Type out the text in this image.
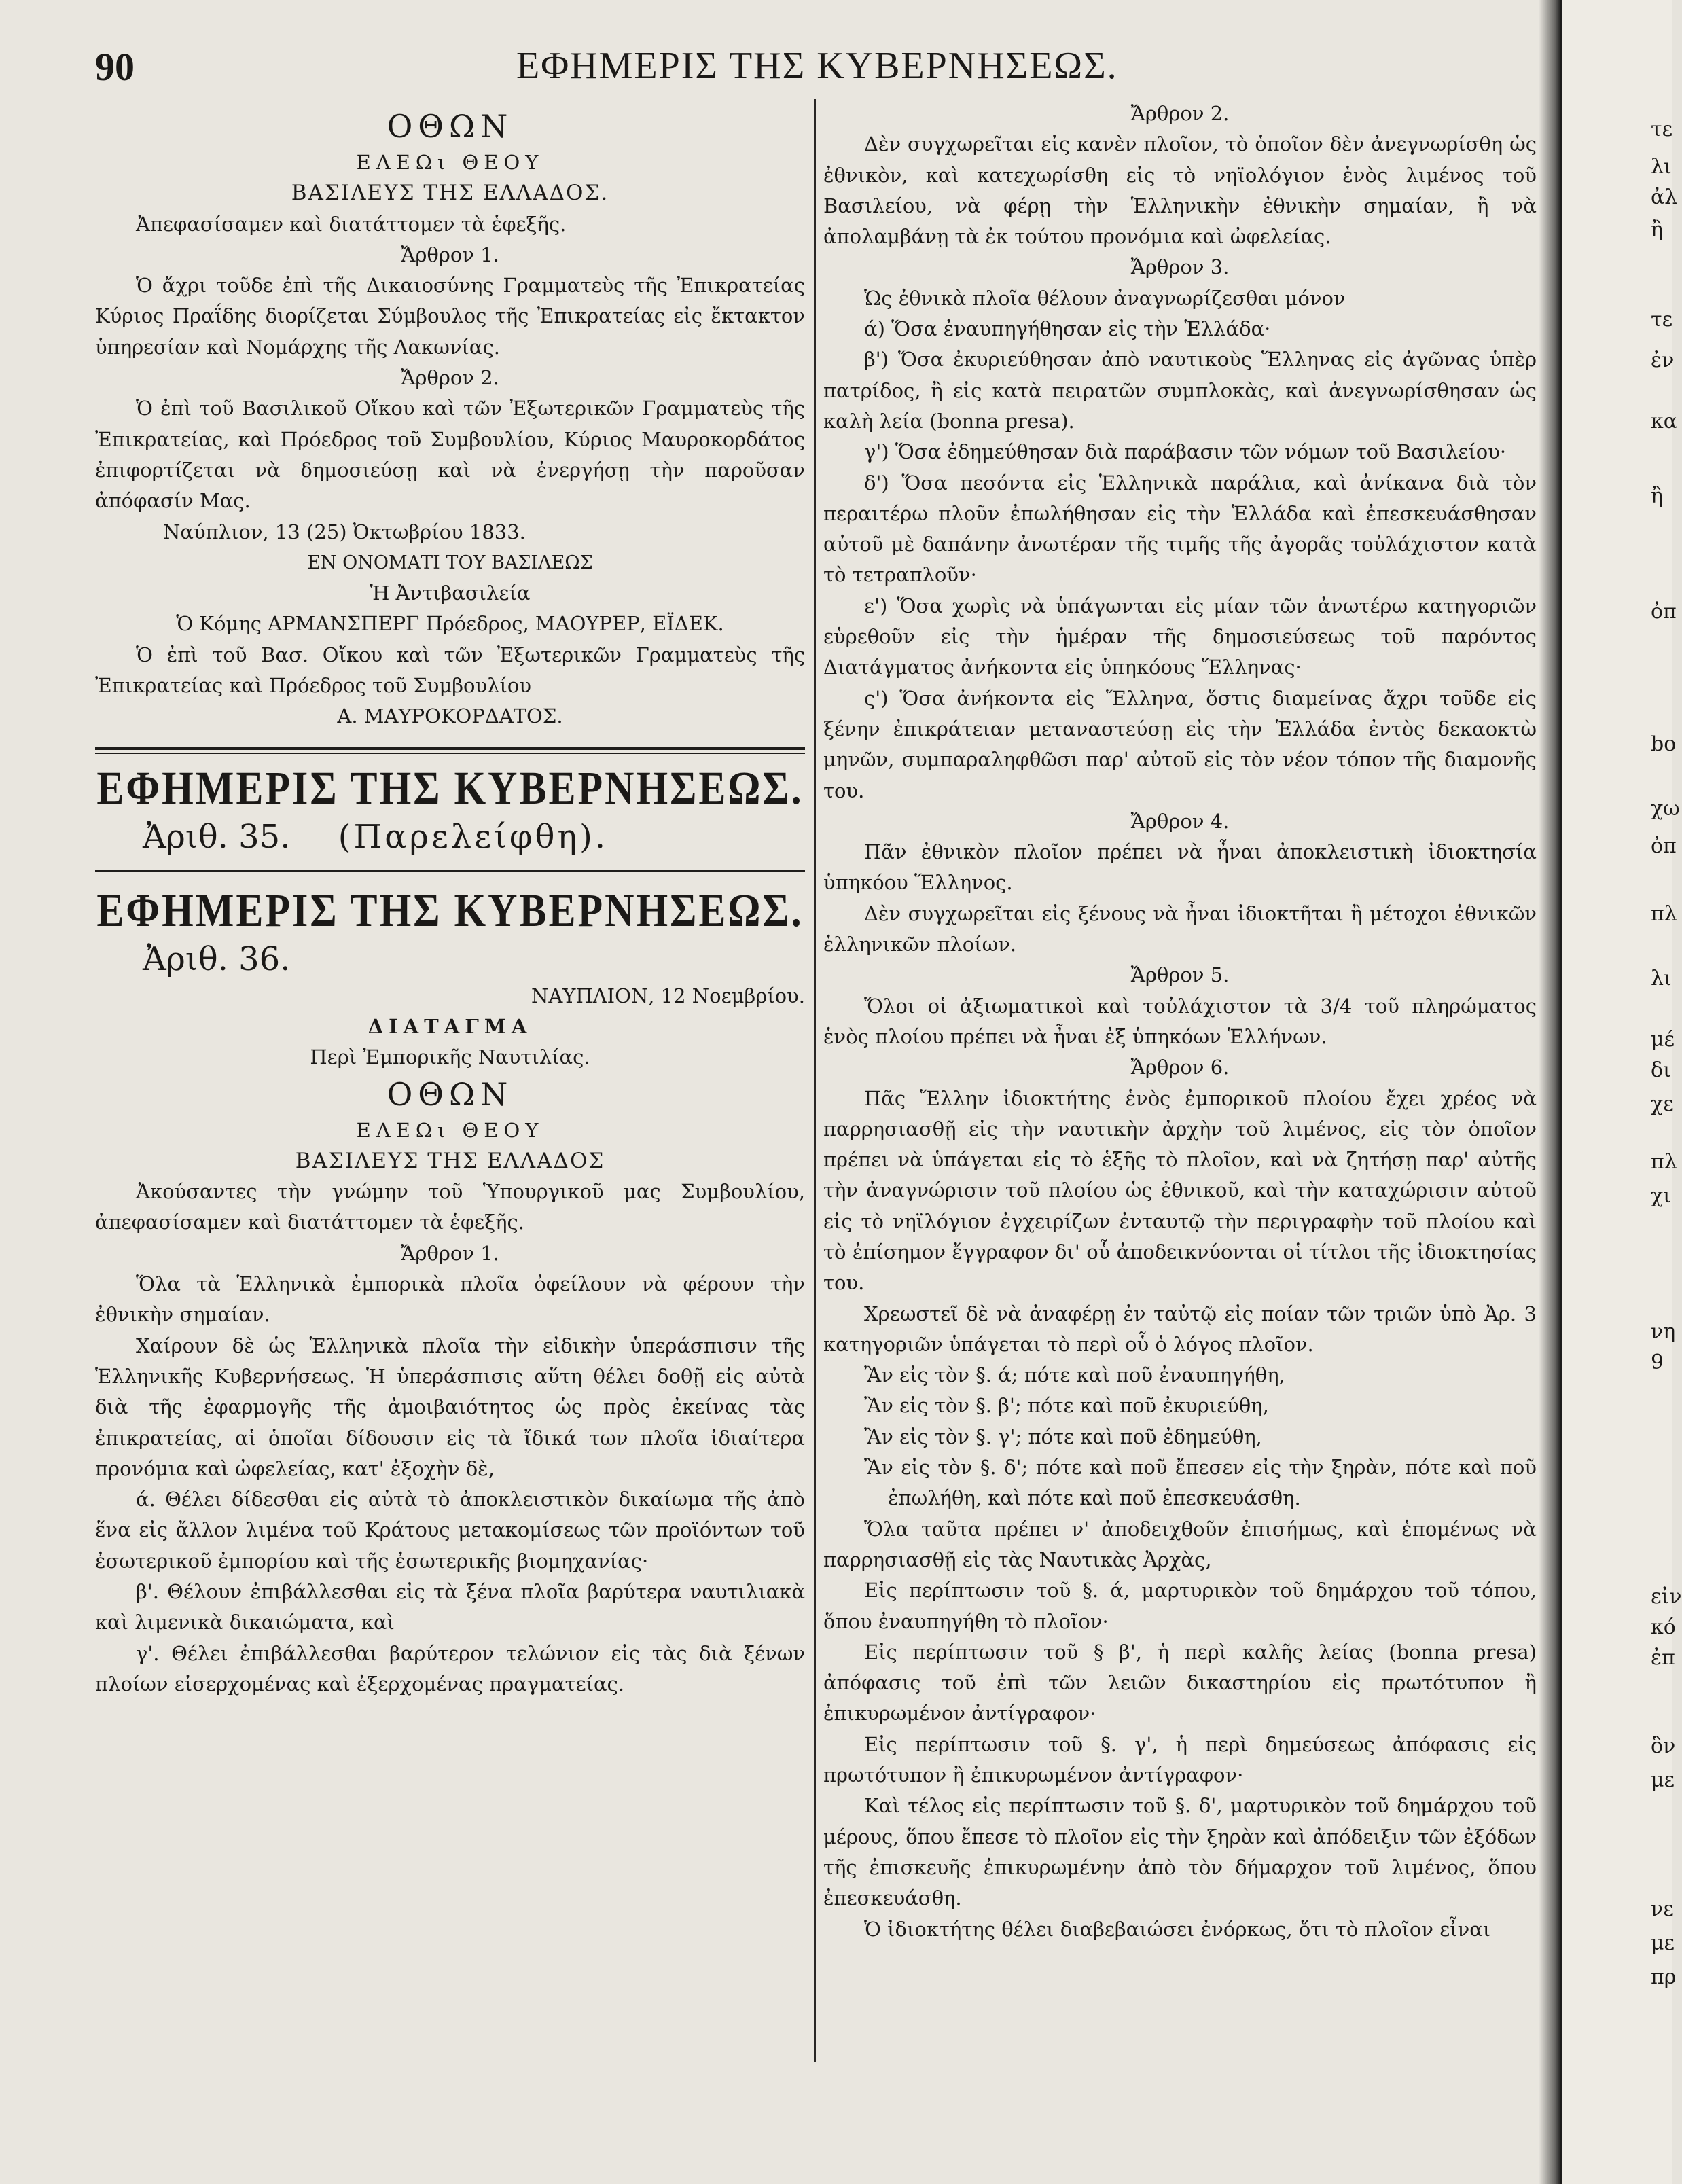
90	ΕΦΗΜΕΡΙΣ ΤΗΣ ΚΥΒΕΡΝΗΣΕΩΣ.
ΟΘΩΝ
ΕΛΕΩι ΘΕΟΥ
ΒΑΣΙΛΕΥΣ ΤΗΣ ΕΛΛΑΔΟΣ.

Ἀπεφασίσαμεν καὶ διατάττομεν τὰ ἑφεξῆς.

Ἄρθρον 1.

Ὁ ἄχρι τοῦδε ἐπὶ τῆς Δικαιοσύνης Γραμματεὺς τῆς Ἐπικρατείας Κύριος Πραΐδης διορίζεται Σύμβουλος τῆς Ἐπικρατείας εἰς ἔκτακτον ὑπηρεσίαν καὶ Νομάρχης τῆς Λακωνίας.

Ἄρθρον 2.

Ὁ ἐπὶ τοῦ Βασιλικοῦ Οἴκου καὶ τῶν Ἐξωτερικῶν Γραμματεὺς τῆς Ἐπικρατείας, καὶ Πρόεδρος τοῦ Συμβουλίου, Κύριος Μαυροκορδάτος ἐπιφορτίζεται νὰ δημοσιεύσῃ καὶ νὰ ἐνεργήσῃ τὴν παροῦσαν ἀπόφασίν Μας.

Ναύπλιον, 13 (25) Ὀκτωβρίου 1833.

ΕΝ ΟΝΟΜΑΤΙ ΤΟΥ ΒΑΣΙΛΕΩΣ
Ἡ Ἀντιβασιλεία
Ὁ Κόμης ΑΡΜΑΝΣΠΕΡΓ Πρόεδρος, ΜΑΟΥΡΕΡ, ΕΪΔΕΚ.

Ὁ ἐπὶ τοῦ Βασ. Οἴκου καὶ τῶν Ἐξωτερικῶν Γραμματεὺς τῆς Ἐπικρατείας καὶ Πρόεδρος τοῦ Συμβουλίου

Α. ΜΑΥΡΟΚΟΡΔΑΤΟΣ.
ΕΦΗΜΕΡΙΣ ΤΗΣ ΚΥΒΕΡΝΗΣΕΩΣ.
Ἀριθ. 35. (Παρελείφθη).
ΕΦΗΜΕΡΙΣ ΤΗΣ ΚΥΒΕΡΝΗΣΕΩΣ.
Ἀριθ. 36.
ΝΑΥΠΛΙΟΝ, 12 Νοεμβρίου.
ΔΙΑΤΑΓΜΑ
Περὶ Ἐμπορικῆς Ναυτιλίας.
ΟΘΩΝ
ΕΛΕΩι ΘΕΟΥ
ΒΑΣΙΛΕΥΣ ΤΗΣ ΕΛΛΑΔΟΣ

Ἀκούσαντες τὴν γνώμην τοῦ Ὑπουργικοῦ μας Συμβουλίου, ἀπεφασίσαμεν καὶ διατάττομεν τὰ ἑφεξῆς.

Ἄρθρον 1.

Ὅλα τὰ Ἑλληνικὰ ἐμπορικὰ πλοῖα ὀφείλουν νὰ φέρουν τὴν ἐθνικὴν σημαίαν.

Χαίρουν δὲ ὡς Ἑλληνικὰ πλοῖα τὴν εἰδικὴν ὑπεράσπισιν τῆς Ἑλληνικῆς Κυβερνήσεως. Ἡ ὑπεράσπισις αὕτη θέλει δοθῇ εἰς αὐτὰ διὰ τῆς ἐφαρμογῆς τῆς ἀμοιβαιότητος ὡς πρὸς ἐκείνας τὰς ἐπικρατείας, αἱ ὁποῖαι δίδουσιν εἰς τὰ ἴδικά των πλοῖα ἰδιαίτερα προνόμια καὶ ὠφελείας, κατ' ἐξοχὴν δὲ,

ά. Θέλει δίδεσθαι εἰς αὐτὰ τὸ ἀποκλειστικὸν δικαίωμα τῆς ἀπὸ ἕνα εἰς ἄλλον λιμένα τοῦ Κράτους μετακομίσεως τῶν προϊόντων τοῦ ἐσωτερικοῦ ἐμπορίου καὶ τῆς ἐσωτερικῆς βιομηχανίας·

β'. Θέλουν ἐπιβάλλεσθαι εἰς τὰ ξένα πλοῖα βαρύτερα ναυτιλιακὰ καὶ λιμενικὰ δικαιώματα, καὶ

γ'. Θέλει ἐπιβάλλεσθαι βαρύτερον τελώνιον εἰς τὰς διὰ ξένων πλοίων εἰσερχομένας καὶ ἐξερχομένας πραγματείας.

Ἄρθρον 2.

Δὲν συγχωρεῖται εἰς κανὲν πλοῖον, τὸ ὁποῖον δὲν ἀνεγνωρίσθη ὡς ἐθνικὸν, καὶ κατεχωρίσθη εἰς τὸ νηϊολόγιον ἑνὸς λιμένος τοῦ Βασιλείου, νὰ φέρῃ τὴν Ἑλληνικὴν ἐθνικὴν σημαίαν, ἢ νὰ ἀπολαμβάνῃ τὰ ἐκ τούτου προνόμια καὶ ὠφελείας.

Ἄρθρον 3.

Ὡς ἐθνικὰ πλοῖα θέλουν ἀναγνωρίζεσθαι μόνον

ά) Ὅσα ἐναυπηγήθησαν εἰς τὴν Ἑλλάδα·

β') Ὅσα ἐκυριεύθησαν ἀπὸ ναυτικοὺς Ἕλληνας εἰς ἀγῶνας ὑπὲρ πατρίδος, ἢ εἰς κατὰ πειρατῶν συμπλοκὰς, καὶ ἀνεγνωρίσθησαν ὡς καλὴ λεία (bonna presa).

γ') Ὅσα ἐδημεύθησαν διὰ παράβασιν τῶν νόμων τοῦ Βασιλείου·

δ') Ὅσα πεσόντα εἰς Ἑλληνικὰ παράλια, καὶ ἀνίκανα διὰ τὸν περαιτέρω πλοῦν ἐπωλήθησαν εἰς τὴν Ἑλλάδα καὶ ἐπεσκευάσθησαν αὐτοῦ μὲ δαπάνην ἀνωτέραν τῆς τιμῆς τῆς ἀγορᾶς τοὐλάχιστον κατὰ τὸ τετραπλοῦν·

ε') Ὅσα χωρὶς νὰ ὑπάγωνται εἰς μίαν τῶν ἀνωτέρω κατηγοριῶν εὑρεθοῦν εἰς τὴν ἡμέραν τῆς δημοσιεύσεως τοῦ παρόντος Διατάγματος ἀνήκοντα εἰς ὑπηκόους Ἕλληνας·

ς') Ὅσα ἀνήκοντα εἰς Ἕλληνα, ὅστις διαμείνας ἄχρι τοῦδε εἰς ξένην ἐπικράτειαν μεταναστεύσῃ εἰς τὴν Ἑλλάδα ἐντὸς δεκαοκτὼ μηνῶν, συμπαραληφθῶσι παρ' αὐτοῦ εἰς τὸν νέον τόπον τῆς διαμονῆς του.

Ἄρθρον 4.

Πᾶν ἐθνικὸν πλοῖον πρέπει νὰ ἦναι ἀποκλειστικὴ ἰδιοκτησία ὑπηκόου Ἕλληνος.

Δὲν συγχωρεῖται εἰς ξένους νὰ ἦναι ἰδιοκτῆται ἢ μέτοχοι ἐθνικῶν ἑλληνικῶν πλοίων.

Ἄρθρον 5.

Ὅλοι οἱ ἀξιωματικοὶ καὶ τοὐλάχιστον τὰ 3/4 τοῦ πληρώματος ἑνὸς πλοίου πρέπει νὰ ἦναι ἐξ ὑπηκόων Ἑλλήνων.

Ἄρθρον 6.

Πᾶς Ἕλλην ἰδιοκτήτης ἑνὸς ἐμπορικοῦ πλοίου ἔχει χρέος νὰ παρρησιασθῇ εἰς τὴν ναυτικὴν ἀρχὴν τοῦ λιμένος, εἰς τὸν ὁποῖον πρέπει νὰ ὑπάγεται εἰς τὸ ἑξῆς τὸ πλοῖον, καὶ νὰ ζητήσῃ παρ' αὐτῆς τὴν ἀναγνώρισιν τοῦ πλοίου ὡς ἐθνικοῦ, καὶ τὴν καταχώρισιν αὐτοῦ εἰς τὸ νηϊλόγιον ἐγχειρίζων ἐνταυτῷ τὴν περιγραφὴν τοῦ πλοίου καὶ τὸ ἐπίσημον ἔγγραφον δι' οὗ ἀποδεικνύονται οἱ τίτλοι τῆς ἰδιοκτησίας του.

Χρεωστεῖ δὲ νὰ ἀναφέρῃ ἐν ταὐτῷ εἰς ποίαν τῶν τριῶν ὑπὸ Ἀρ. 3 κατηγοριῶν ὑπάγεται τὸ περὶ οὗ ὁ λόγος πλοῖον.

Ἂν εἰς τὸν §. ά; πότε καὶ ποῦ ἐναυπηγήθη,

Ἂν εἰς τὸν §. β'; πότε καὶ ποῦ ἐκυριεύθη,

Ἂν εἰς τὸν §. γ'; πότε καὶ ποῦ ἐδημεύθη,

Ἂν εἰς τὸν §. δ'; πότε καὶ ποῦ ἔπεσεν εἰς τὴν ξηρὰν, πότε καὶ ποῦ ἐπωλήθη, καὶ πότε καὶ ποῦ ἐπεσκευάσθη.

Ὅλα ταῦτα πρέπει ν' ἀποδειχθοῦν ἐπισήμως, καὶ ἑπομένως νὰ παρρησιασθῇ εἰς τὰς Ναυτικὰς Ἀρχὰς,

Εἰς περίπτωσιν τοῦ §. ά, μαρτυρικὸν τοῦ δημάρχου τοῦ τόπου, ὅπου ἐναυπηγήθη τὸ πλοῖον·

Εἰς περίπτωσιν τοῦ § β', ἡ περὶ καλῆς λείας (bonna presa) ἀπόφασις τοῦ ἐπὶ τῶν λειῶν δικαστηρίου εἰς πρωτότυπον ἢ ἐπικυρωμένον ἀντίγραφον·

Εἰς περίπτωσιν τοῦ §. γ', ἡ περὶ δημεύσεως ἀπόφασις εἰς πρωτότυπον ἢ ἐπικυρωμένον ἀντίγραφον·

Καὶ τέλος εἰς περίπτωσιν τοῦ §. δ', μαρτυρικὸν τοῦ δημάρχου τοῦ μέρους, ὅπου ἔπεσε τὸ πλοῖον εἰς τὴν ξηρὰν καὶ ἀπόδειξιν τῶν ἐξόδων τῆς ἐπισκευῆς ἐπικυρωμένην ἀπὸ τὸν δήμαρχον τοῦ λιμένος, ὅπου ἐπεσκευάσθη.

Ὁ ἰδιοκτήτης θέλει διαβεβαιώσει ἐνόρκως, ὅτι τὸ πλοῖον εἶναι

τε
λι
ἀλ
ἢ
τε
ἐν
κα
ἢ
ὀπ
bo
χω
ὀπ
πλ
λι
μέ
δι
χε
πλ
χι
νη
9
εἰν
κό
ἐπ
ὃν
με
νε
με
πρ
